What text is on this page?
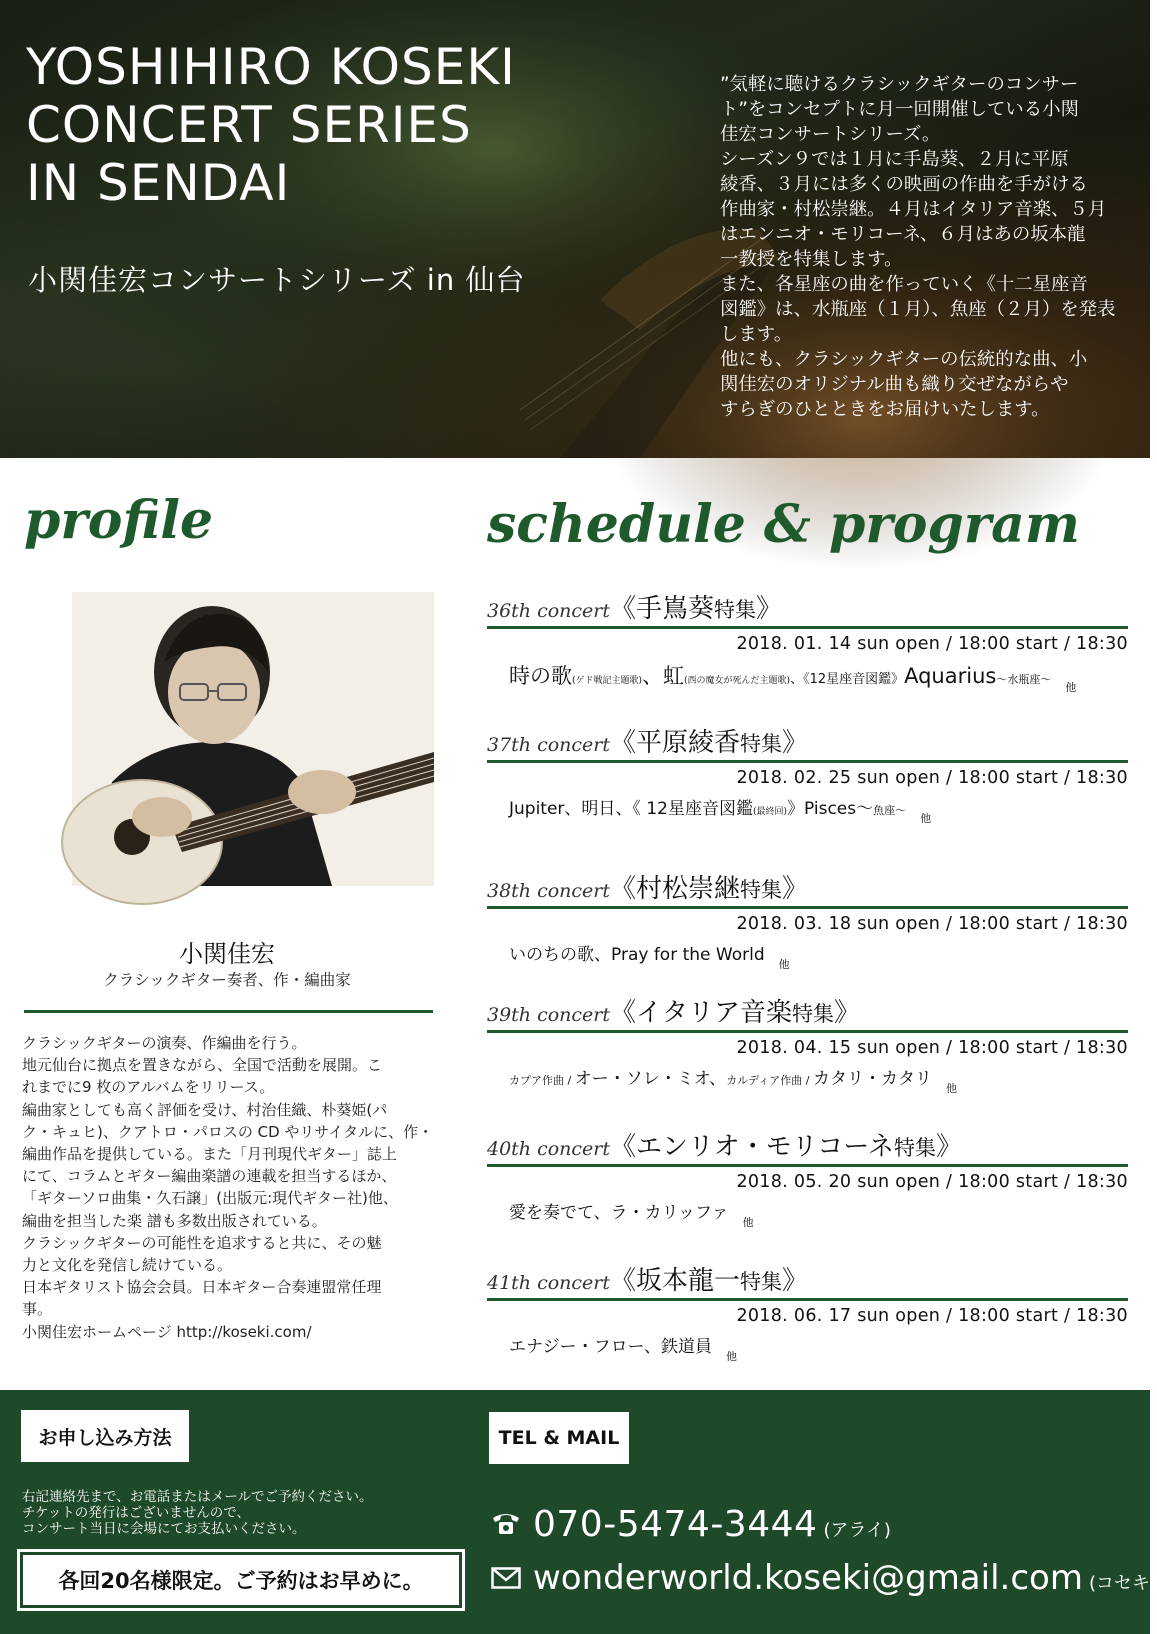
YOSHIHIRO KOSEKI
CONCERT SERIES
IN SENDAI
小関佳宏コンサートシリーズ in 仙台

”気軽に聴けるクラシックギターのコンサー

ト”をコンセプトに月一回開催している小関

佳宏コンサートシリーズ。

シーズン９では１月に手島葵、２月に平原

綾香、３月には多くの映画の作曲を手がける

作曲家・村松崇継。４月はイタリア音楽、５月

はエンニオ・モリコーネ、６月はあの坂本龍

一教授を特集します。

また、各星座の曲を作っていく《十二星座音

図鑑》は、水瓶座（１月）、魚座（２月）を発表

します。

他にも、クラシックギターの伝統的な曲、小

関佳宏のオリジナル曲も織り交ぜながらや

すらぎのひとときをお届けいたします。

profile
小関佳宏
クラシックギター奏者、作・編曲家
クラシックギターの演奏、作編曲を行う。
地元仙台に拠点を置きながら、全国で活動を展開。こ
れまでに9 枚のアルバムをリリース。
編曲家としても高く評価を受け、村治佳織、朴葵姫(パ
ク・キュヒ)、クアトロ・パロスの CD やリサイタルに、作・
編曲作品を提供している。また「月刊現代ギター」誌上
にて、コラムとギター編曲楽譜の連載を担当するほか、
「ギターソロ曲集・久石譲」(出版元:現代ギター社)他、
編曲を担当した楽 譜も多数出版されている。
クラシックギターの可能性を追求すると共に、その魅
力と文化を発信し続けている。
日本ギタリスト協会会員。日本ギター合奏連盟常任理
事。
小関佳宏ホームページ http://koseki.com/
schedule & program
36th concert《手嶌葵特集》
2018. 01. 14 sun open / 18:00 start / 18:30
時の歌(ゲド戦記主題歌)、虹(西の魔女が死んだ主題歌)、《12星座音図鑑》Aquarius～水瓶座$\sim_他$
37th concert《平原綾香特集》
2018. 02. 25 sun open / 18:00 start / 18:30
Jupiter、明日、《 12星座音図鑑(最終回)》Pisces～魚座$\sim_他$
38th concert《村松崇継特集》
2018. 03. 18 sun open / 18:00 start / 18:30
いのちの歌、Pray for the World $_他$
39th concert《イタリア音楽特集》
2018. 04. 15 sun open / 18:00 start / 18:30
カプア作曲 / オー・ソレ・ミオ、カルディア作曲 / カタリ・カタリ $_他$
40th concert《エンリオ・モリコーネ特集》
2018. 05. 20 sun open / 18:00 start / 18:30
愛を奏でて、ラ・カリッファ $_他$
41th concert《坂本龍一特集》
2018. 06. 17 sun open / 18:00 start / 18:30
エナジー・フロー、鉄道員 $_他$
お申し込み方法	TEL & MAIL
右記連絡先まで、お電話またはメールでご予約ください。
チケットの発行はございませんので、
コンサート当日に会場にてお支払いください。
各回20名様限定。ご予約はお早めに。
070-5474-3444 (アライ)
wonderworld.koseki@gmail.com (コセキ)
